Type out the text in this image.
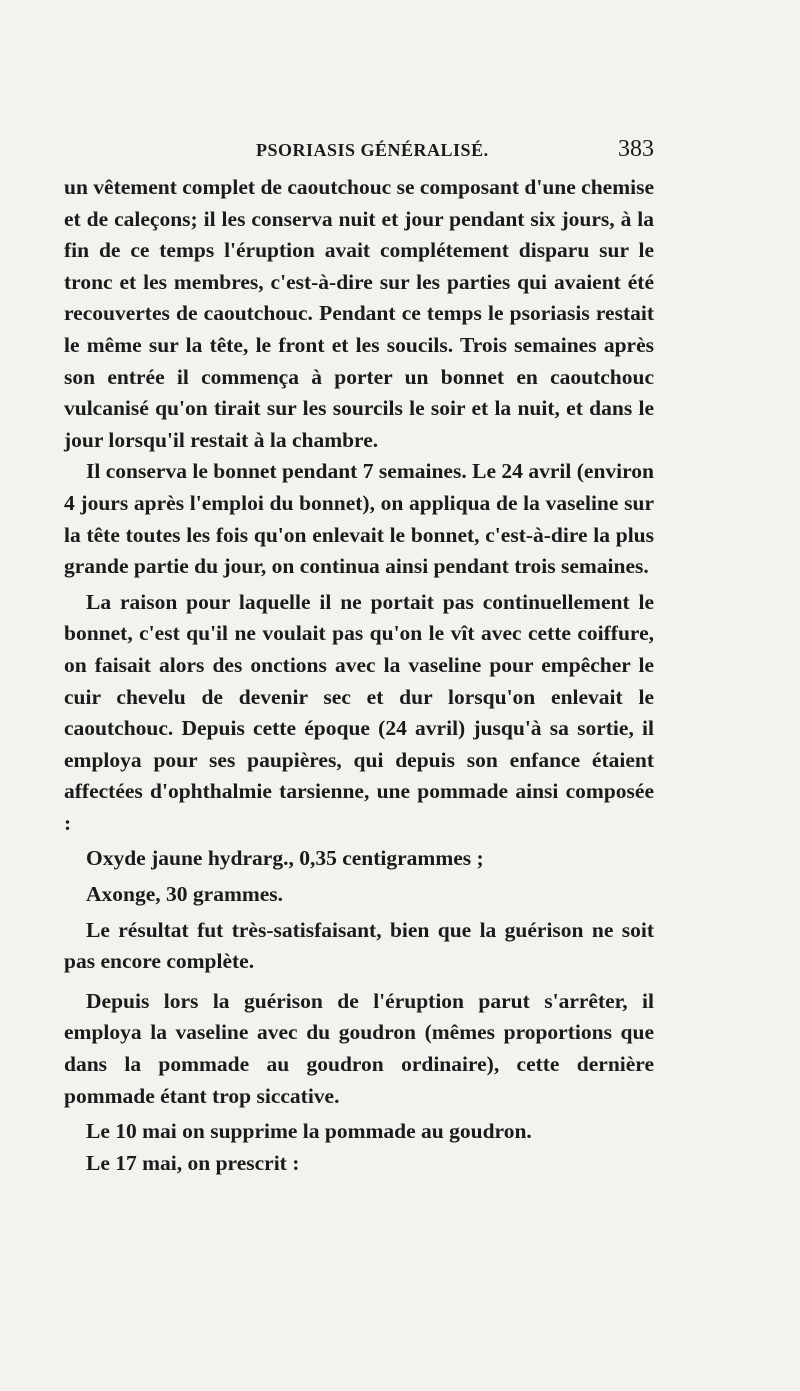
PSORIASIS GÉNÉRALISÉ.	383

un vêtement complet de caoutchouc se composant d'une chemise et de caleçons; il les conserva nuit et jour pendant six jours, à la fin de ce temps l'éruption avait complétement disparu sur le tronc et les membres, c'est-à-dire sur les parties qui avaient été recouvertes de caoutchouc. Pendant ce temps le psoriasis restait le même sur la tête, le front et les soucils. Trois semaines après son entrée il commença à porter un bonnet en caoutchouc vulcanisé qu'on tirait sur les sourcils le soir et la nuit, et dans le jour lorsqu'il restait à la chambre.

Il conserva le bonnet pendant 7 semaines. Le 24 avril (environ 4 jours après l'emploi du bonnet), on appliqua de la vaseline sur la tête toutes les fois qu'on enlevait le bonnet, c'est-à-dire la plus grande partie du jour, on continua ainsi pendant trois semaines.

La raison pour laquelle il ne portait pas continuellement le bonnet, c'est qu'il ne voulait pas qu'on le vît avec cette coiffure, on faisait alors des onctions avec la vaseline pour empêcher le cuir chevelu de devenir sec et dur lorsqu'on enlevait le caoutchouc. Depuis cette époque (24 avril) jusqu'à sa sortie, il employa pour ses paupières, qui depuis son enfance étaient affectées d'ophthalmie tarsienne, une pommade ainsi composée :

Oxyde jaune hydrarg., 0,35 centigrammes ;

Axonge, 30 grammes.

Le résultat fut très-satisfaisant, bien que la guérison ne soit pas encore complète.

Depuis lors la guérison de l'éruption parut s'arrêter, il employa la vaseline avec du goudron (mêmes proportions que dans la pommade au goudron ordinaire), cette dernière pommade étant trop siccative.

Le 10 mai on supprime la pommade au goudron.

Le 17 mai, on prescrit :
